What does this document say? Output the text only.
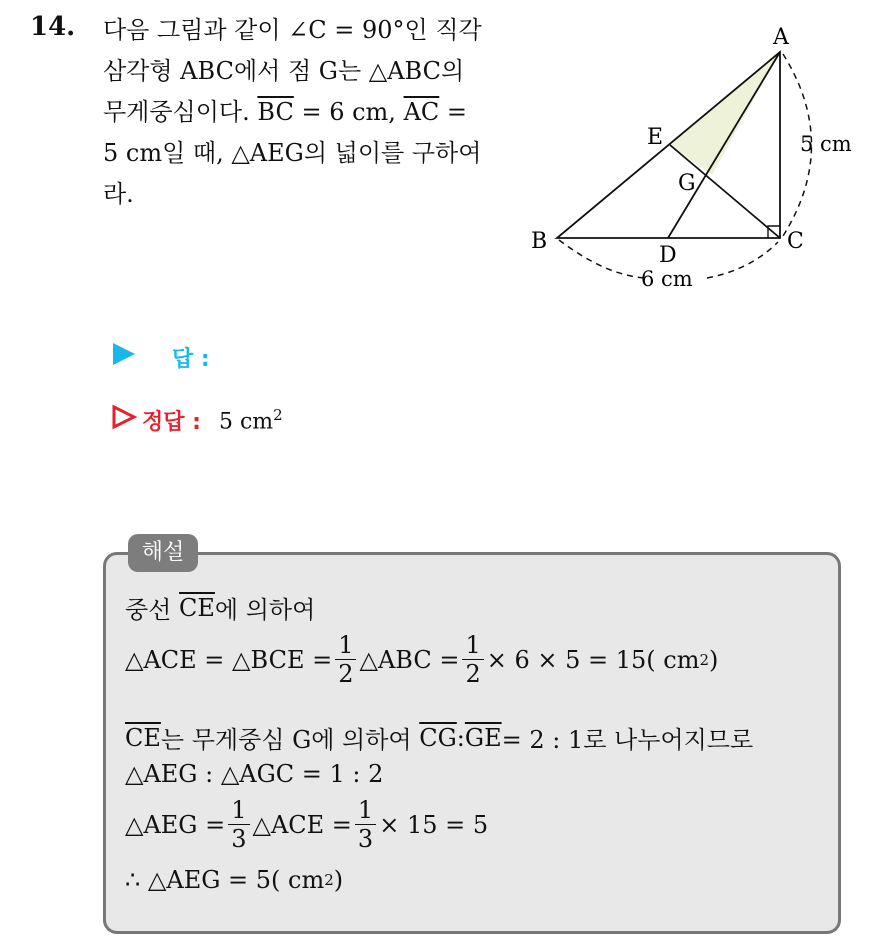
14. 다음 그림과 같이 ∠C = 90°인 직각

삼각형 ABC에서 점 G는 △ABC의

무게중심이다. $\overline{BC} = 6$ cm, $\overline{AC}$ =

5 cm일 때, △AEG의 넓이를 구하여

라.

A
B	C
D
E
G
5 cm
6 cm
답 :
정답 : 5 $cm^2$
해설
중선
$\overline{CE}$ 에 의하여
△ACE = △BCE = $\frac{1}{2}$ △ABC = $\frac{1}{2} \times 6 \times 5 = 15$( cm 2 )
$\overline{CE}$ 는 무게중심 G에 의하여
$\overline{CG}$ : $\overline{GE} = 2$ : 1로 나누어지므로
△AEG : △AGC = 1 : 2
△AEG = $\frac{1}{3}$ △ACE = $\frac{1}{3} \times 15 = 5$
∴ △AEG = 5( cm 2 )
